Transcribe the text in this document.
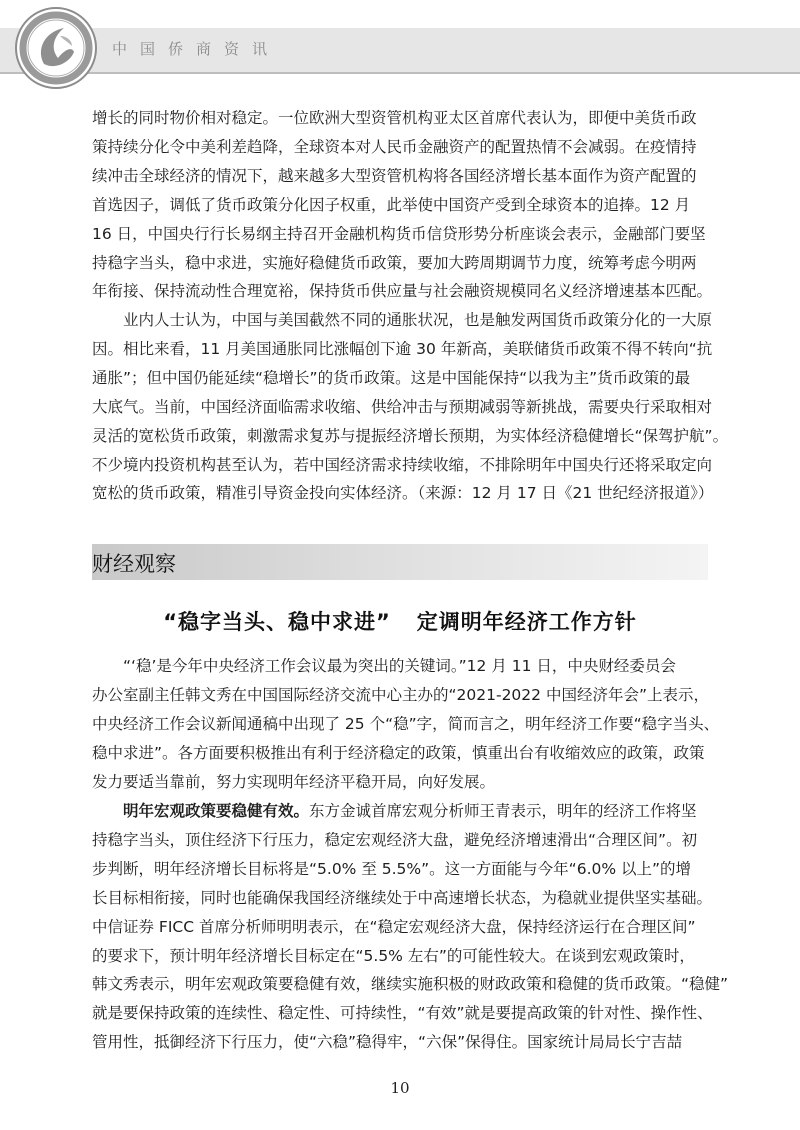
中国侨商资讯
增长的同时物价相对稳定。一位欧洲大型资管机构亚太区首席代表认为，即便中美货币政
策持续分化令中美利差趋降，全球资本对人民币金融资产的配置热情不会减弱。在疫情持
续冲击全球经济的情况下，越来越多大型资管机构将各国经济增长基本面作为资产配置的
首选因子，调低了货币政策分化因子权重，此举使中国资产受到全球资本的追捧。12 月
16 日，中国央行行长易纲主持召开金融机构货币信贷形势分析座谈会表示，金融部门要坚
持稳字当头，稳中求进，实施好稳健货币政策，要加大跨周期调节力度，统筹考虑今明两
年衔接、保持流动性合理宽裕，保持货币供应量与社会融资规模同名义经济增速基本匹配。
业内人士认为，中国与美国截然不同的通胀状况，也是触发两国货币政策分化的一大原
因。相比来看，11 月美国通胀同比涨幅创下逾 30 年新高，美联储货币政策不得不转向“抗
通胀”；但中国仍能延续“稳增长”的货币政策。这是中国能保持“以我为主”货币政策的最
大底气。当前，中国经济面临需求收缩、供给冲击与预期减弱等新挑战，需要央行采取相对
灵活的宽松货币政策，刺激需求复苏与提振经济增长预期，为实体经济稳健增长“保驾护航”。
不少境内投资机构甚至认为，若中国经济需求持续收缩，不排除明年中国央行还将采取定向
宽松的货币政策，精准引导资金投向实体经济。（来源：12 月 17 日《21 世纪经济报道》）
财经观察
“稳字当头、稳中求进” 定调明年经济工作方针
“‘稳’是今年中央经济工作会议最为突出的关键词。”12 月 11 日，中央财经委员会
办公室副主任韩文秀在中国国际经济交流中心主办的“2021-2022 中国经济年会”上表示，
中央经济工作会议新闻通稿中出现了 25 个“稳”字，简而言之，明年经济工作要“稳字当头、
稳中求进”。各方面要积极推出有利于经济稳定的政策，慎重出台有收缩效应的政策，政策
发力要适当靠前，努力实现明年经济平稳开局，向好发展。
明年宏观政策要稳健有效。东方金诚首席宏观分析师王青表示，明年的经济工作将坚
持稳字当头，顶住经济下行压力，稳定宏观经济大盘，避免经济增速滑出“合理区间”。初
步判断，明年经济增长目标将是“5.0% 至 5.5%”。这一方面能与今年“6.0% 以上”的增
长目标相衔接，同时也能确保我国经济继续处于中高速增长状态，为稳就业提供坚实基础。
中信证券 FICC 首席分析师明明表示，在“稳定宏观经济大盘，保持经济运行在合理区间”
的要求下，预计明年经济增长目标定在“5.5% 左右”的可能性较大。在谈到宏观政策时，
韩文秀表示，明年宏观政策要稳健有效，继续实施积极的财政政策和稳健的货币政策。“稳健”
就是要保持政策的连续性、稳定性、可持续性，“有效”就是要提高政策的针对性、操作性、
管用性，抵御经济下行压力，使“六稳”稳得牢，“六保”保得住。国家统计局局长宁吉喆
10
